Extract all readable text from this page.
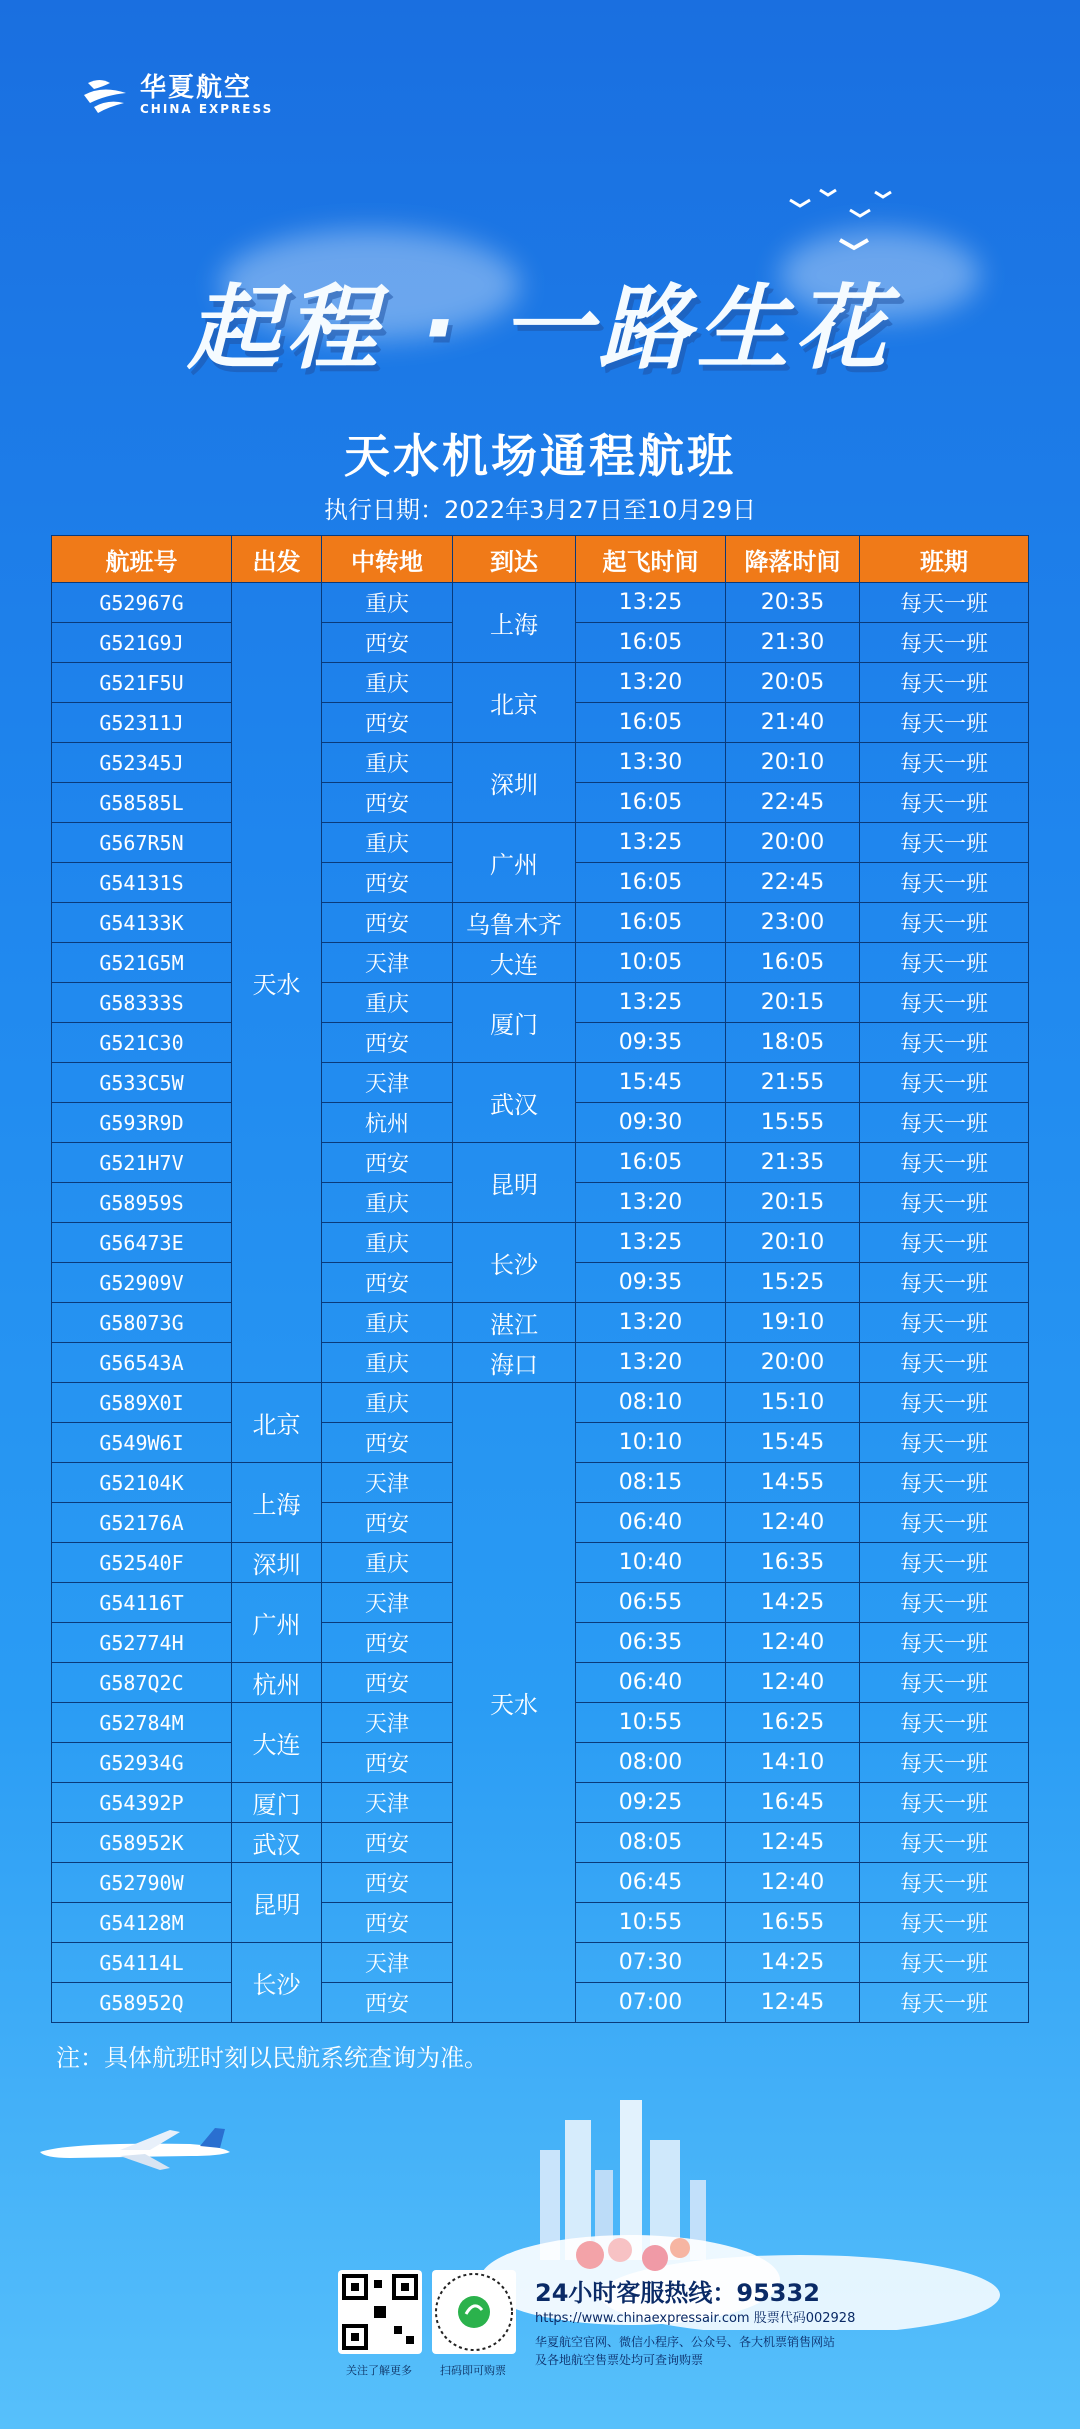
华夏航空
CHINA EXPRESS
起程 · 一路生花
天水机场通程航班
执行日期：2022年3月27日至10月29日
航班号	出发	中转地	到达	起飞时间	降落时间	班期
G52967G	天水	重庆	上海	13:25	20:35	每天一班
G521G9J		西安		16:05	21:30	每天一班
G521F5U		重庆	北京	13:20	20:05	每天一班
G52311J		西安		16:05	21:40	每天一班
G52345J		重庆	深圳	13:30	20:10	每天一班
G58585L		西安		16:05	22:45	每天一班
G567R5N		重庆	广州	13:25	20:00	每天一班
G54131S		西安		16:05	22:45	每天一班
G54133K		西安	乌鲁木齐	16:05	23:00	每天一班
G521G5M		天津	大连	10:05	16:05	每天一班
G58333S		重庆	厦门	13:25	20:15	每天一班
G521C30		西安		09:35	18:05	每天一班
G533C5W		天津	武汉	15:45	21:55	每天一班
G593R9D		杭州		09:30	15:55	每天一班
G521H7V		西安	昆明	16:05	21:35	每天一班
G58959S		重庆		13:20	20:15	每天一班
G56473E		重庆	长沙	13:25	20:10	每天一班
G52909V		西安		09:35	15:25	每天一班
G58073G		重庆	湛江	13:20	19:10	每天一班
G56543A		重庆	海口	13:20	20:00	每天一班
G589X0I	北京	重庆	天水	08:10	15:10	每天一班
G549W6I		西安		10:10	15:45	每天一班
G52104K	上海	天津		08:15	14:55	每天一班
G52176A		西安		06:40	12:40	每天一班
G52540F	深圳	重庆		10:40	16:35	每天一班
G54116T	广州	天津		06:55	14:25	每天一班
G52774H		西安		06:35	12:40	每天一班
G587Q2C	杭州	西安		06:40	12:40	每天一班
G52784M	大连	天津		10:55	16:25	每天一班
G52934G		西安		08:00	14:10	每天一班
G54392P	厦门	天津		09:25	16:45	每天一班
G58952K	武汉	西安		08:05	12:45	每天一班
G52790W	昆明	西安		06:45	12:40	每天一班
G54128M		西安		10:55	16:55	每天一班
G54114L	长沙	天津		07:30	14:25	每天一班
G58952Q		西安		07:00	12:45	每天一班
注：具体航班时刻以民航系统查询为准。
关注了解更多	扫码即可购票
24小时客服热线：95332
https://www.chinaexpressair.com 股票代码002928
华夏航空官网、微信小程序、公众号、各大机票销售网站及各地航空售票处均可查询购票
